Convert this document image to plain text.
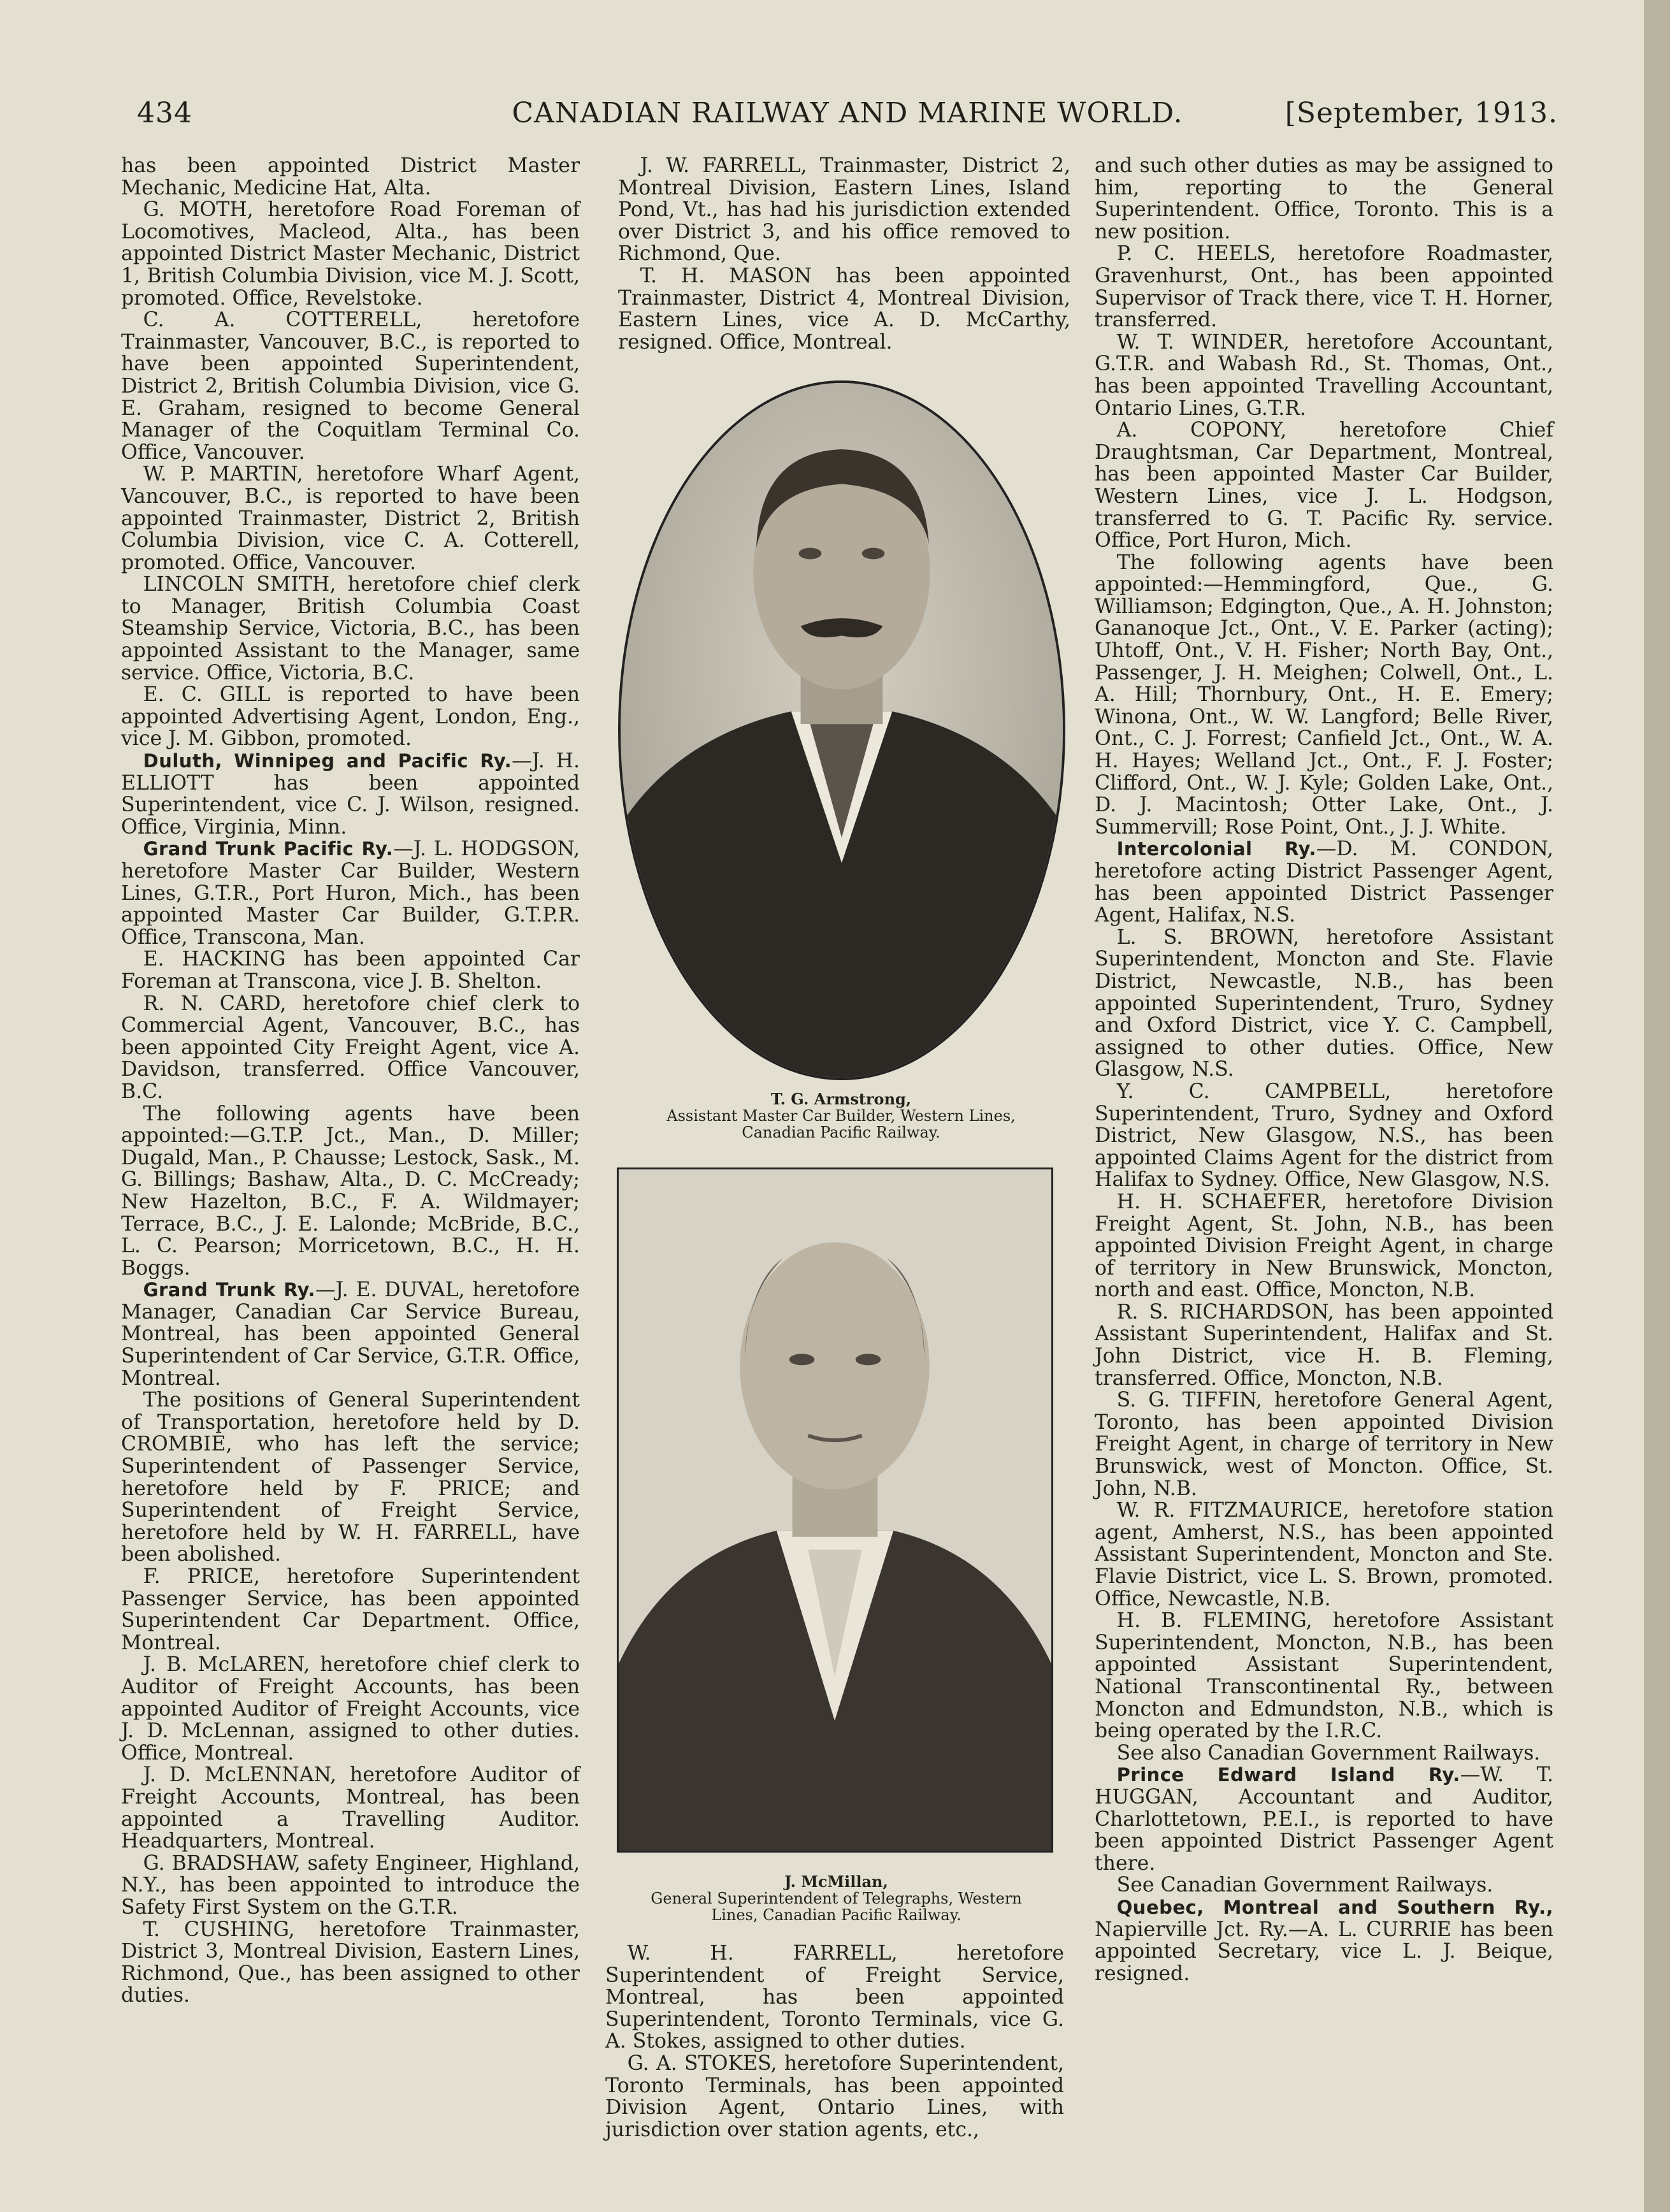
434	CANADIAN RAILWAY AND MARINE WORLD.	[September, 1913.

has been appointed District Master Mechanic, Medicine Hat, Alta.

G. MOTH, heretofore Road Foreman of Locomotives, Macleod, Alta., has been appointed District Master Mechanic, District 1, British Columbia Division, vice M. J. Scott, promoted. Office, Revelstoke.

C. A. COTTERELL, heretofore Trainmaster, Vancouver, B.C., is reported to have been appointed Superintendent, District 2, British Columbia Division, vice G. E. Graham, resigned to become General Manager of the Coquitlam Terminal Co. Office, Vancouver.

W. P. MARTIN, heretofore Wharf Agent, Vancouver, B.C., is reported to have been appointed Trainmaster, District 2, British Columbia Division, vice C. A. Cotterell, promoted. Office, Vancouver.

LINCOLN SMITH, heretofore chief clerk to Manager, British Columbia Coast Steamship Service, Victoria, B.C., has been appointed Assistant to the Manager, same service. Office, Victoria, B.C.

E. C. GILL is reported to have been appointed Advertising Agent, London, Eng., vice J. M. Gibbon, promoted.

Duluth, Winnipeg and Pacific Ry.—J. H. ELLIOTT has been appointed Superintendent, vice C. J. Wilson, resigned. Office, Virginia, Minn.

Grand Trunk Pacific Ry.—J. L. HODGSON, heretofore Master Car Builder, Western Lines, G.T.R., Port Huron, Mich., has been appointed Master Car Builder, G.T.P.R. Office, Transcona, Man.

E. HACKING has been appointed Car Foreman at Transcona, vice J. B. Shelton.

R. N. CARD, heretofore chief clerk to Commercial Agent, Vancouver, B.C., has been appointed City Freight Agent, vice A. Davidson, transferred. Office Vancouver, B.C.

The following agents have been appointed:—G.T.P. Jct., Man., D. Miller; Dugald, Man., P. Chausse; Lestock, Sask., M. G. Billings; Bashaw, Alta., D. C. McCready; New Hazelton, B.C., F. A. Wildmayer; Terrace, B.C., J. E. Lalonde; McBride, B.C., L. C. Pearson; Morricetown, B.C., H. H. Boggs.

Grand Trunk Ry.—J. E. DUVAL, heretofore Manager, Canadian Car Service Bureau, Montreal, has been appointed General Superintendent of Car Service, G.T.R. Office, Montreal.

The positions of General Superintendent of Transportation, heretofore held by D. CROMBIE, who has left the service; Superintendent of Passenger Service, heretofore held by F. PRICE; and Superintendent of Freight Service, heretofore held by W. H. FARRELL, have been abolished.

F. PRICE, heretofore Superintendent Passenger Service, has been appointed Superintendent Car Department. Office, Montreal.

J. B. McLAREN, heretofore chief clerk to Auditor of Freight Accounts, has been appointed Auditor of Freight Accounts, vice J. D. McLennan, assigned to other duties. Office, Montreal.

J. D. McLENNAN, heretofore Auditor of Freight Accounts, Montreal, has been appointed a Travelling Auditor. Headquarters, Montreal.

G. BRADSHAW, safety Engineer, Highland, N.Y., has been appointed to introduce the Safety First System on the G.T.R.

T. CUSHING, heretofore Trainmaster, District 3, Montreal Division, Eastern Lines, Richmond, Que., has been assigned to other duties.

J. W. FARRELL, Trainmaster, District 2, Montreal Division, Eastern Lines, Island Pond, Vt., has had his jurisdiction extended over District 3, and his office removed to Richmond, Que.

T. H. MASON has been appointed Trainmaster, District 4, Montreal Division, Eastern Lines, vice A. D. McCarthy, resigned. Office, Montreal.

T. G. Armstrong,
Assistant Master Car Builder, Western Lines,
Canadian Pacific Railway.
J. McMillan,
General Superintendent of Telegraphs, Western
Lines, Canadian Pacific Railway.

W. H. FARRELL, heretofore Superintendent of Freight Service, Montreal, has been appointed Superintendent, Toronto Terminals, vice G. A. Stokes, assigned to other duties.

G. A. STOKES, heretofore Superintendent, Toronto Terminals, has been appointed Division Agent, Ontario Lines, with jurisdiction over station agents, etc.,

and such other duties as may be assigned to him, reporting to the General Superintendent. Office, Toronto. This is a new position.

P. C. HEELS, heretofore Roadmaster, Gravenhurst, Ont., has been appointed Supervisor of Track there, vice T. H. Horner, transferred.

W. T. WINDER, heretofore Accountant, G.T.R. and Wabash Rd., St. Thomas, Ont., has been appointed Travelling Accountant, Ontario Lines, G.T.R.

A. COPONY, heretofore Chief Draughtsman, Car Department, Montreal, has been appointed Master Car Builder, Western Lines, vice J. L. Hodgson, transferred to G. T. Pacific Ry. service. Office, Port Huron, Mich.

The following agents have been appointed:—Hemmingford, Que., G. Williamson; Edgington, Que., A. H. Johnston; Gananoque Jct., Ont., V. E. Parker (acting); Uhtoff, Ont., V. H. Fisher; North Bay, Ont., Passenger, J. H. Meighen; Colwell, Ont., L. A. Hill; Thornbury, Ont., H. E. Emery; Winona, Ont., W. W. Langford; Belle River, Ont., C. J. Forrest; Canfield Jct., Ont., W. A. H. Hayes; Welland Jct., Ont., F. J. Foster; Clifford, Ont., W. J. Kyle; Golden Lake, Ont., D. J. Macintosh; Otter Lake, Ont., J. Summervill; Rose Point, Ont., J. J. White.

Intercolonial Ry.—D. M. CONDON, heretofore acting District Passenger Agent, has been appointed District Passenger Agent, Halifax, N.S.

L. S. BROWN, heretofore Assistant Superintendent, Moncton and Ste. Flavie District, Newcastle, N.B., has been appointed Superintendent, Truro, Sydney and Oxford District, vice Y. C. Campbell, assigned to other duties. Office, New Glasgow, N.S.

Y. C. CAMPBELL, heretofore Superintendent, Truro, Sydney and Oxford District, New Glasgow, N.S., has been appointed Claims Agent for the district from Halifax to Sydney. Office, New Glasgow, N.S.

H. H. SCHAEFER, heretofore Division Freight Agent, St. John, N.B., has been appointed Division Freight Agent, in charge of territory in New Brunswick, Moncton, north and east. Office, Moncton, N.B.

R. S. RICHARDSON, has been appointed Assistant Superintendent, Halifax and St. John District, vice H. B. Fleming, transferred. Office, Moncton, N.B.

S. G. TIFFIN, heretofore General Agent, Toronto, has been appointed Division Freight Agent, in charge of territory in New Brunswick, west of Moncton. Office, St. John, N.B.

W. R. FITZMAURICE, heretofore station agent, Amherst, N.S., has been appointed Assistant Superintendent, Moncton and Ste. Flavie District, vice L. S. Brown, promoted. Office, Newcastle, N.B.

H. B. FLEMING, heretofore Assistant Superintendent, Moncton, N.B., has been appointed Assistant Superintendent, National Transcontinental Ry., between Moncton and Edmundston, N.B., which is being operated by the I.R.C.

See also Canadian Government Railways.

Prince Edward Island Ry.—W. T. HUGGAN, Accountant and Auditor, Charlottetown, P.E.I., is reported to have been appointed District Passenger Agent there.

See Canadian Government Railways.

Quebec, Montreal and Southern Ry., Napierville Jct. Ry.—A. L. CURRIE has been appointed Secretary, vice L. J. Beique, resigned.
